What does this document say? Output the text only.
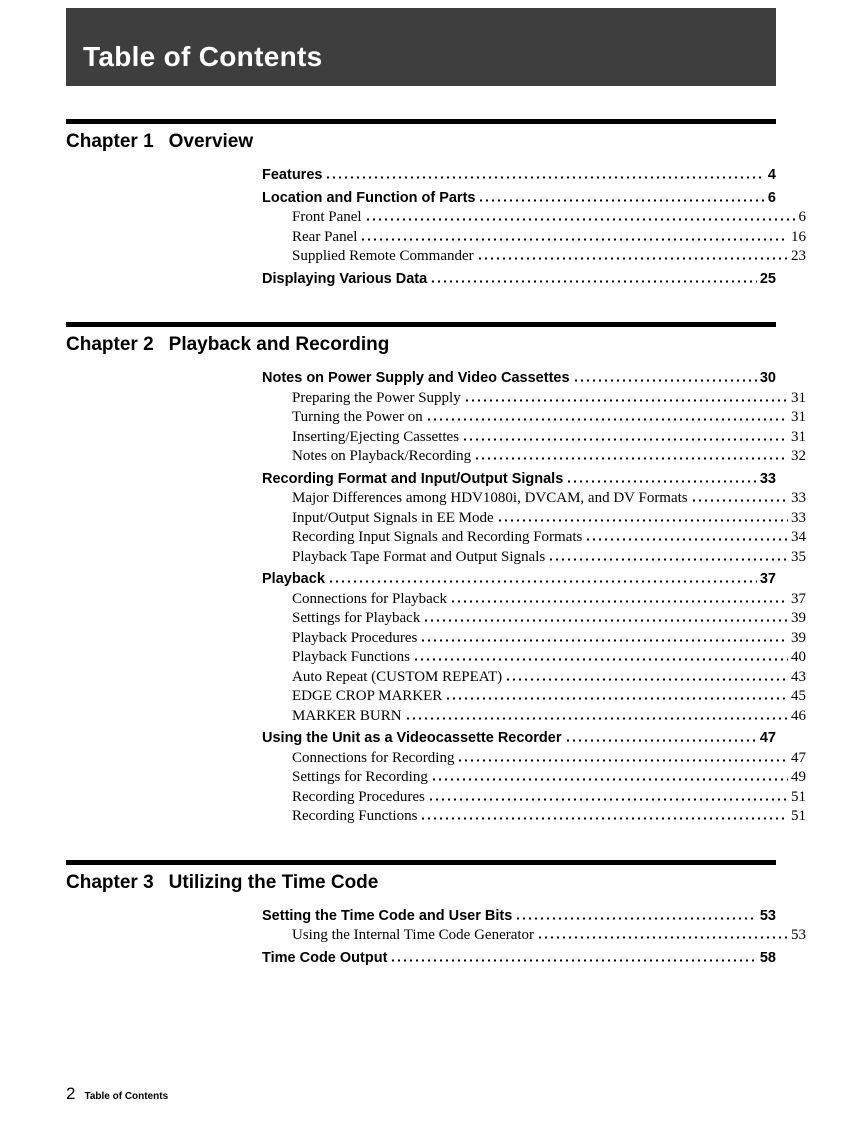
Table of Contents
Chapter 1 Overview
Features	4
Location and Function of Parts	6
Front Panel	6
Rear Panel	16
Supplied Remote Commander	23
Displaying Various Data	25
Chapter 2 Playback and Recording
Notes on Power Supply and Video Cassettes	30
Preparing the Power Supply	31
Turning the Power on	31
Inserting/Ejecting Cassettes	31
Notes on Playback/Recording	32
Recording Format and Input/Output Signals	33
Major Differences among HDV1080i, DVCAM, and DV Formats	33
Input/Output Signals in EE Mode	33
Recording Input Signals and Recording Formats	34
Playback Tape Format and Output Signals	35
Playback	37
Connections for Playback	37
Settings for Playback	39
Playback Procedures	39
Playback Functions	40
Auto Repeat (CUSTOM REPEAT)	43
EDGE CROP MARKER	45
MARKER BURN	46
Using the Unit as a Videocassette Recorder	47
Connections for Recording	47
Settings for Recording	49
Recording Procedures	51
Recording Functions	51
Chapter 3 Utilizing the Time Code
Setting the Time Code and User Bits	53
Using the Internal Time Code Generator	53
Time Code Output	58
2 Table of Contents
